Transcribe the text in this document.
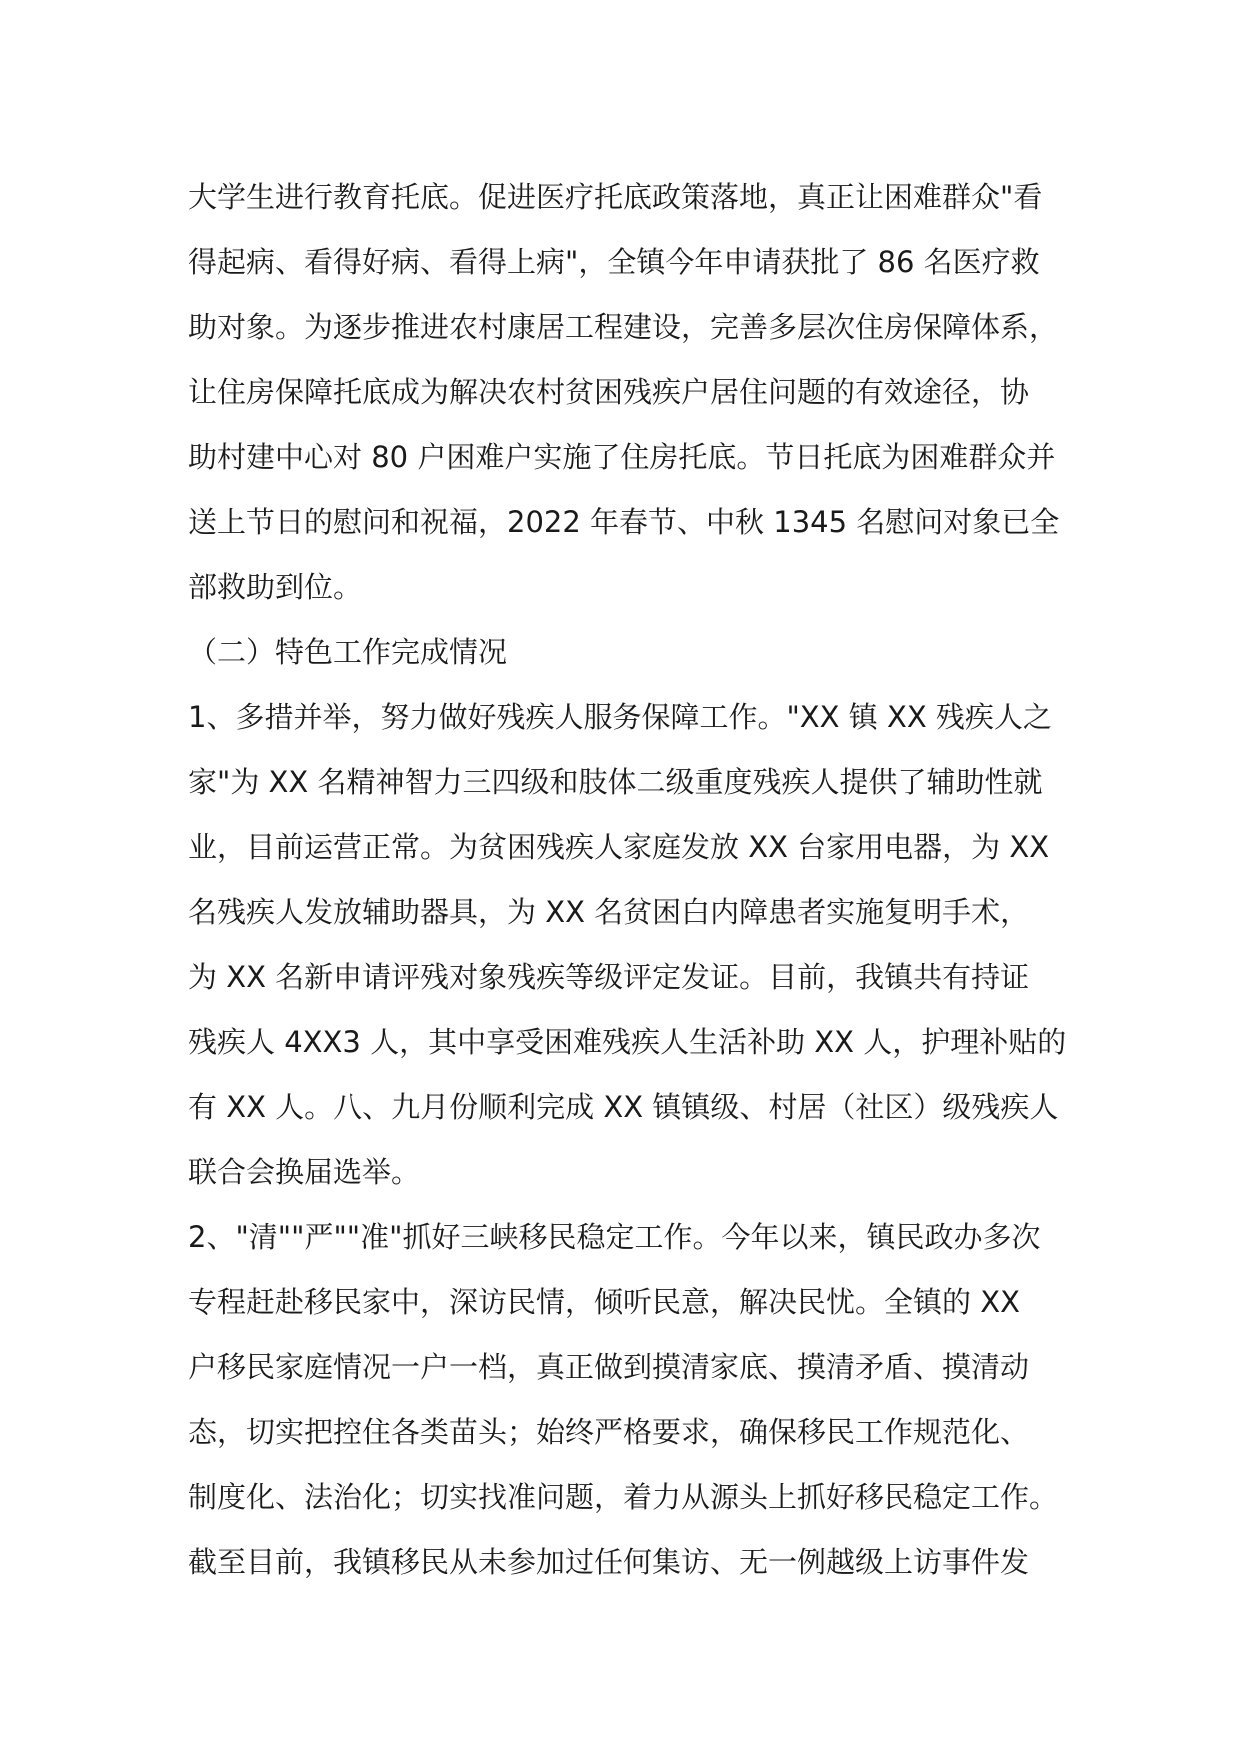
大学生进行教育托底。促进医疗托底政策落地，真正让困难群众"看
得起病、看得好病、看得上病"，全镇今年申请获批了 86 名医疗救
助对象。为逐步推进农村康居工程建设，完善多层次住房保障体系，
让住房保障托底成为解决农村贫困残疾户居住问题的有效途径，协
助村建中心对 80 户困难户实施了住房托底。节日托底为困难群众并
送上节日的慰问和祝福，2022 年春节、中秋 1345 名慰问对象已全
部救助到位。
（二）特色工作完成情况
1、多措并举，努力做好残疾人服务保障工作。"XX 镇 XX 残疾人之
家"为 XX 名精神智力三四级和肢体二级重度残疾人提供了辅助性就
业，目前运营正常。为贫困残疾人家庭发放 XX 台家用电器，为 XX
名残疾人发放辅助器具，为 XX 名贫困白内障患者实施复明手术，
为 XX 名新申请评残对象残疾等级评定发证。目前，我镇共有持证
残疾人 4XX3 人，其中享受困难残疾人生活补助 XX 人，护理补贴的
有 XX 人。八、九月份顺利完成 XX 镇镇级、村居（社区）级残疾人
联合会换届选举。
2、"清""严""准"抓好三峡移民稳定工作。今年以来，镇民政办多次
专程赶赴移民家中，深访民情，倾听民意，解决民忧。全镇的 XX
户移民家庭情况一户一档，真正做到摸清家底、摸清矛盾、摸清动
态，切实把控住各类苗头；始终严格要求，确保移民工作规范化、
制度化、法治化；切实找准问题，着力从源头上抓好移民稳定工作。
截至目前，我镇移民从未参加过任何集访、无一例越级上访事件发
